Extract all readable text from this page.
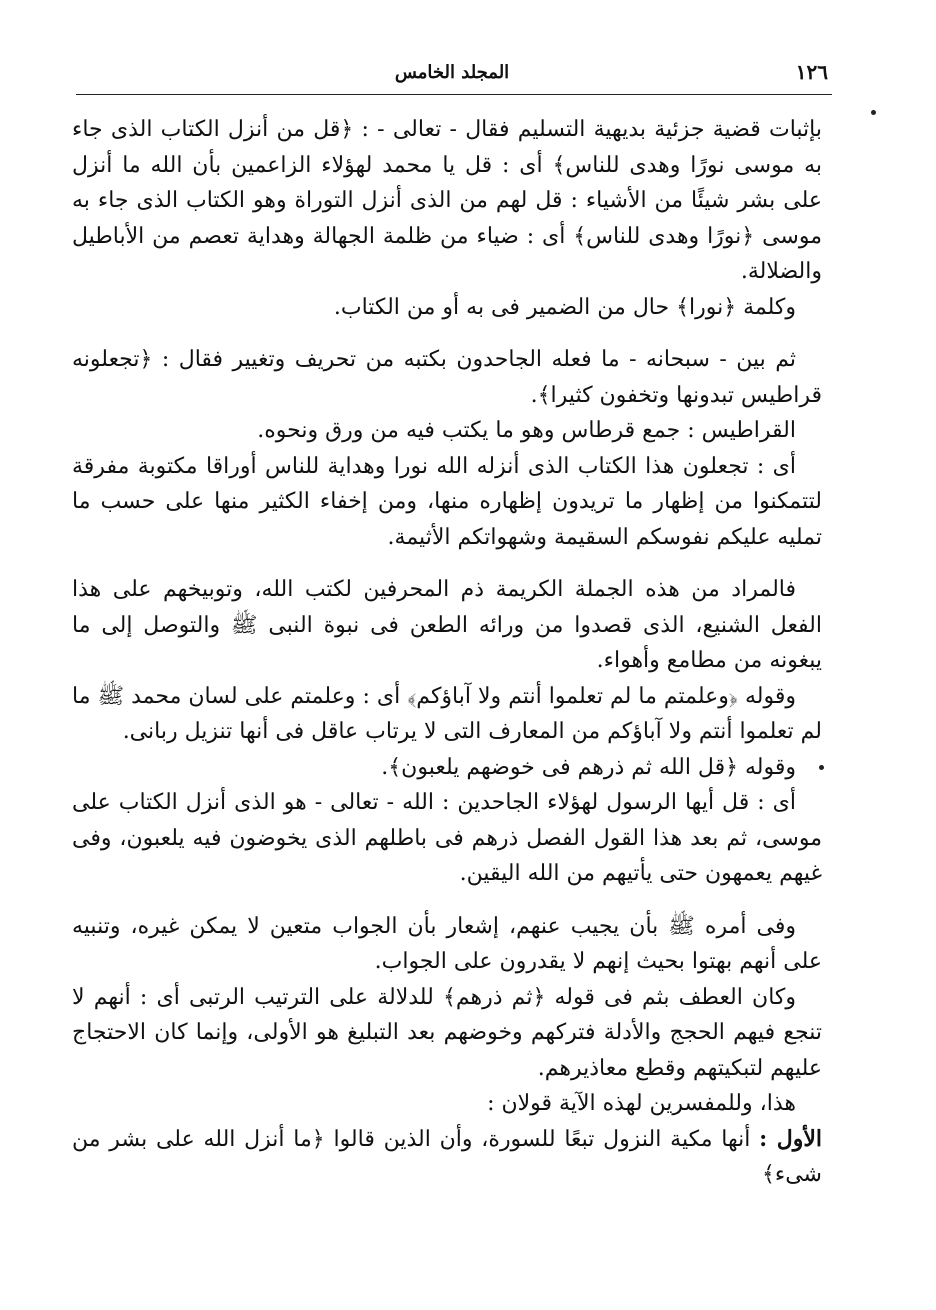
١٢٦
المجلد الخامس

بإثبات قضية جزئية بديهية التسليم فقال - تعالى - : ﴿قل من أنزل الكتاب الذى جاء به موسى نورًا وهدى للناس﴾ أى : قل يا محمد لهؤلاء الزاعمين بأن الله ما أنزل على بشر شيئًا من الأشياء : قل لهم من الذى أنزل التوراة وهو الكتاب الذى جاء به موسى ﴿نورًا وهدى للناس﴾ أى : ضياء من ظلمة الجهالة وهداية تعصم من الأباطيل والضلالة.

وكلمة ﴿نورا﴾ حال من الضمير فى به أو من الكتاب.

ثم بين - سبحانه - ما فعله الجاحدون بكتبه من تحريف وتغيير فقال : ﴿تجعلونه قراطيس تبدونها وتخفون كثيرا﴾.

القراطيس : جمع قرطاس وهو ما يكتب فيه من ورق ونحوه.

أى : تجعلون هذا الكتاب الذى أنزله الله نورا وهداية للناس أوراقا مكتوبة مفرقة لتتمكنوا من إظهار ما تريدون إظهاره منها، ومن إخفاء الكثير منها على حسب ما تمليه عليكم نفوسكم السقيمة وشهواتكم الأثيمة.

فالمراد من هذه الجملة الكريمة ذم المحرفين لكتب الله، وتوبيخهم على هذا الفعل الشنيع، الذى قصدوا من ورائه الطعن فى نبوة النبى ﷺ والتوصل إلى ما يبغونه من مطامع وأهواء.

وقوله ﴿وعلمتم ما لم تعلموا أنتم ولا آباؤكم﴾ أى : وعلمتم على لسان محمد ﷺ ما لم تعلموا أنتم ولا آباؤكم من المعارف التى لا يرتاب عاقل فى أنها تنزيل ربانى.

وقوله ﴿قل الله ثم ذرهم فى خوضهم يلعبون﴾.

أى : قل أيها الرسول لهؤلاء الجاحدين : الله - تعالى - هو الذى أنزل الكتاب على موسى، ثم بعد هذا القول الفصل ذرهم فى باطلهم الذى يخوضون فيه يلعبون، وفى غيهم يعمهون حتى يأتيهم من الله اليقين.

وفى أمره ﷺ بأن يجيب عنهم، إشعار بأن الجواب متعين لا يمكن غيره، وتنبيه على أنهم بهتوا بحيث إنهم لا يقدرون على الجواب.

وكان العطف بثم فى قوله ﴿ثم ذرهم﴾ للدلالة على الترتيب الرتبى أى : أنهم لا تنجع فيهم الحجج والأدلة فتركهم وخوضهم بعد التبليغ هو الأولى، وإنما كان الاحتجاج عليهم لتبكيتهم وقطع معاذيرهم.

هذا، وللمفسرين لهذه الآية قولان :

الأول : أنها مكية النزول تبعًا للسورة، وأن الذين قالوا ﴿ما أنزل الله على بشر من شىء﴾
